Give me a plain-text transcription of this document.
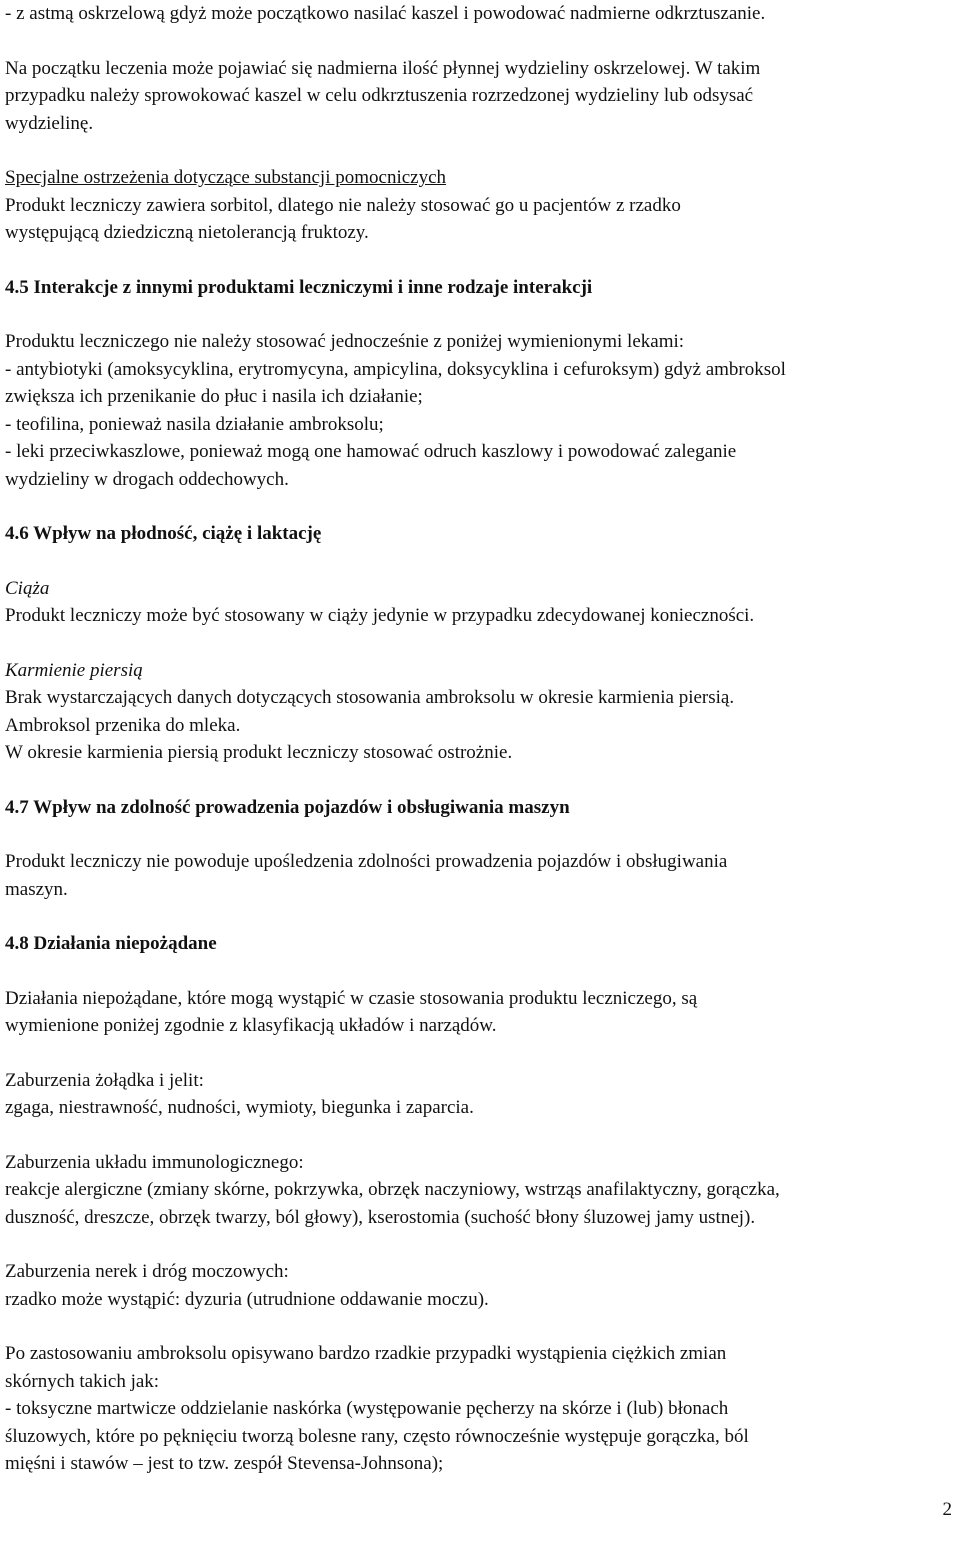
- z astmą oskrzelową gdyż może początkowo nasilać kaszel i powodować nadmierne odkrztuszanie.
Na początku leczenia może pojawiać się nadmierna ilość płynnej wydzieliny oskrzelowej. W takim
przypadku należy sprowokować kaszel w celu odkrztuszenia rozrzedzonej wydzieliny lub odsysać
wydzielinę.
Specjalne ostrzeżenia dotyczące substancji pomocniczych
Produkt leczniczy zawiera sorbitol, dlatego nie należy stosować go u pacjentów z rzadko
występującą dziedziczną nietolerancją fruktozy.
4.5 Interakcje z innymi produktami leczniczymi i inne rodzaje interakcji
Produktu leczniczego nie należy stosować jednocześnie z poniżej wymienionymi lekami:
- antybiotyki (amoksycyklina, erytromycyna, ampicylina, doksycyklina i cefuroksym) gdyż ambroksol
zwiększa ich przenikanie do płuc i nasila ich działanie;
- teofilina, ponieważ nasila działanie ambroksolu;
- leki przeciwkaszlowe, ponieważ mogą one hamować odruch kaszlowy i powodować zaleganie
wydzieliny w drogach oddechowych.
4.6 Wpływ na płodność, ciążę i laktację
Ciąża
Produkt leczniczy może być stosowany w ciąży jedynie w przypadku zdecydowanej konieczności.
Karmienie piersią
Brak wystarczających danych dotyczących stosowania ambroksolu w okresie karmienia piersią.
Ambroksol przenika do mleka.
W okresie karmienia piersią produkt leczniczy stosować ostrożnie.
4.7 Wpływ na zdolność prowadzenia pojazdów i obsługiwania maszyn
Produkt leczniczy nie powoduje upośledzenia zdolności prowadzenia pojazdów i obsługiwania
maszyn.
4.8 Działania niepożądane
Działania niepożądane, które mogą wystąpić w czasie stosowania produktu leczniczego, są
wymienione poniżej zgodnie z klasyfikacją układów i narządów.
Zaburzenia żołądka i jelit:
zgaga, niestrawność, nudności, wymioty, biegunka i zaparcia.
Zaburzenia układu immunologicznego:
reakcje alergiczne (zmiany skórne, pokrzywka, obrzęk naczyniowy, wstrząs anafilaktyczny, gorączka,
duszność, dreszcze, obrzęk twarzy, ból głowy), kserostomia (suchość błony śluzowej jamy ustnej).
Zaburzenia nerek i dróg moczowych:
rzadko może wystąpić: dyzuria (utrudnione oddawanie moczu).
Po zastosowaniu ambroksolu opisywano bardzo rzadkie przypadki wystąpienia ciężkich zmian
skórnych takich jak:
- toksyczne martwicze oddzielanie naskórka (występowanie pęcherzy na skórze i (lub) błonach
śluzowych, które po pęknięciu tworzą bolesne rany, często równocześnie występuje gorączka, ból
mięśni i stawów – jest to tzw. zespół Stevensa-Johnsona);
2
